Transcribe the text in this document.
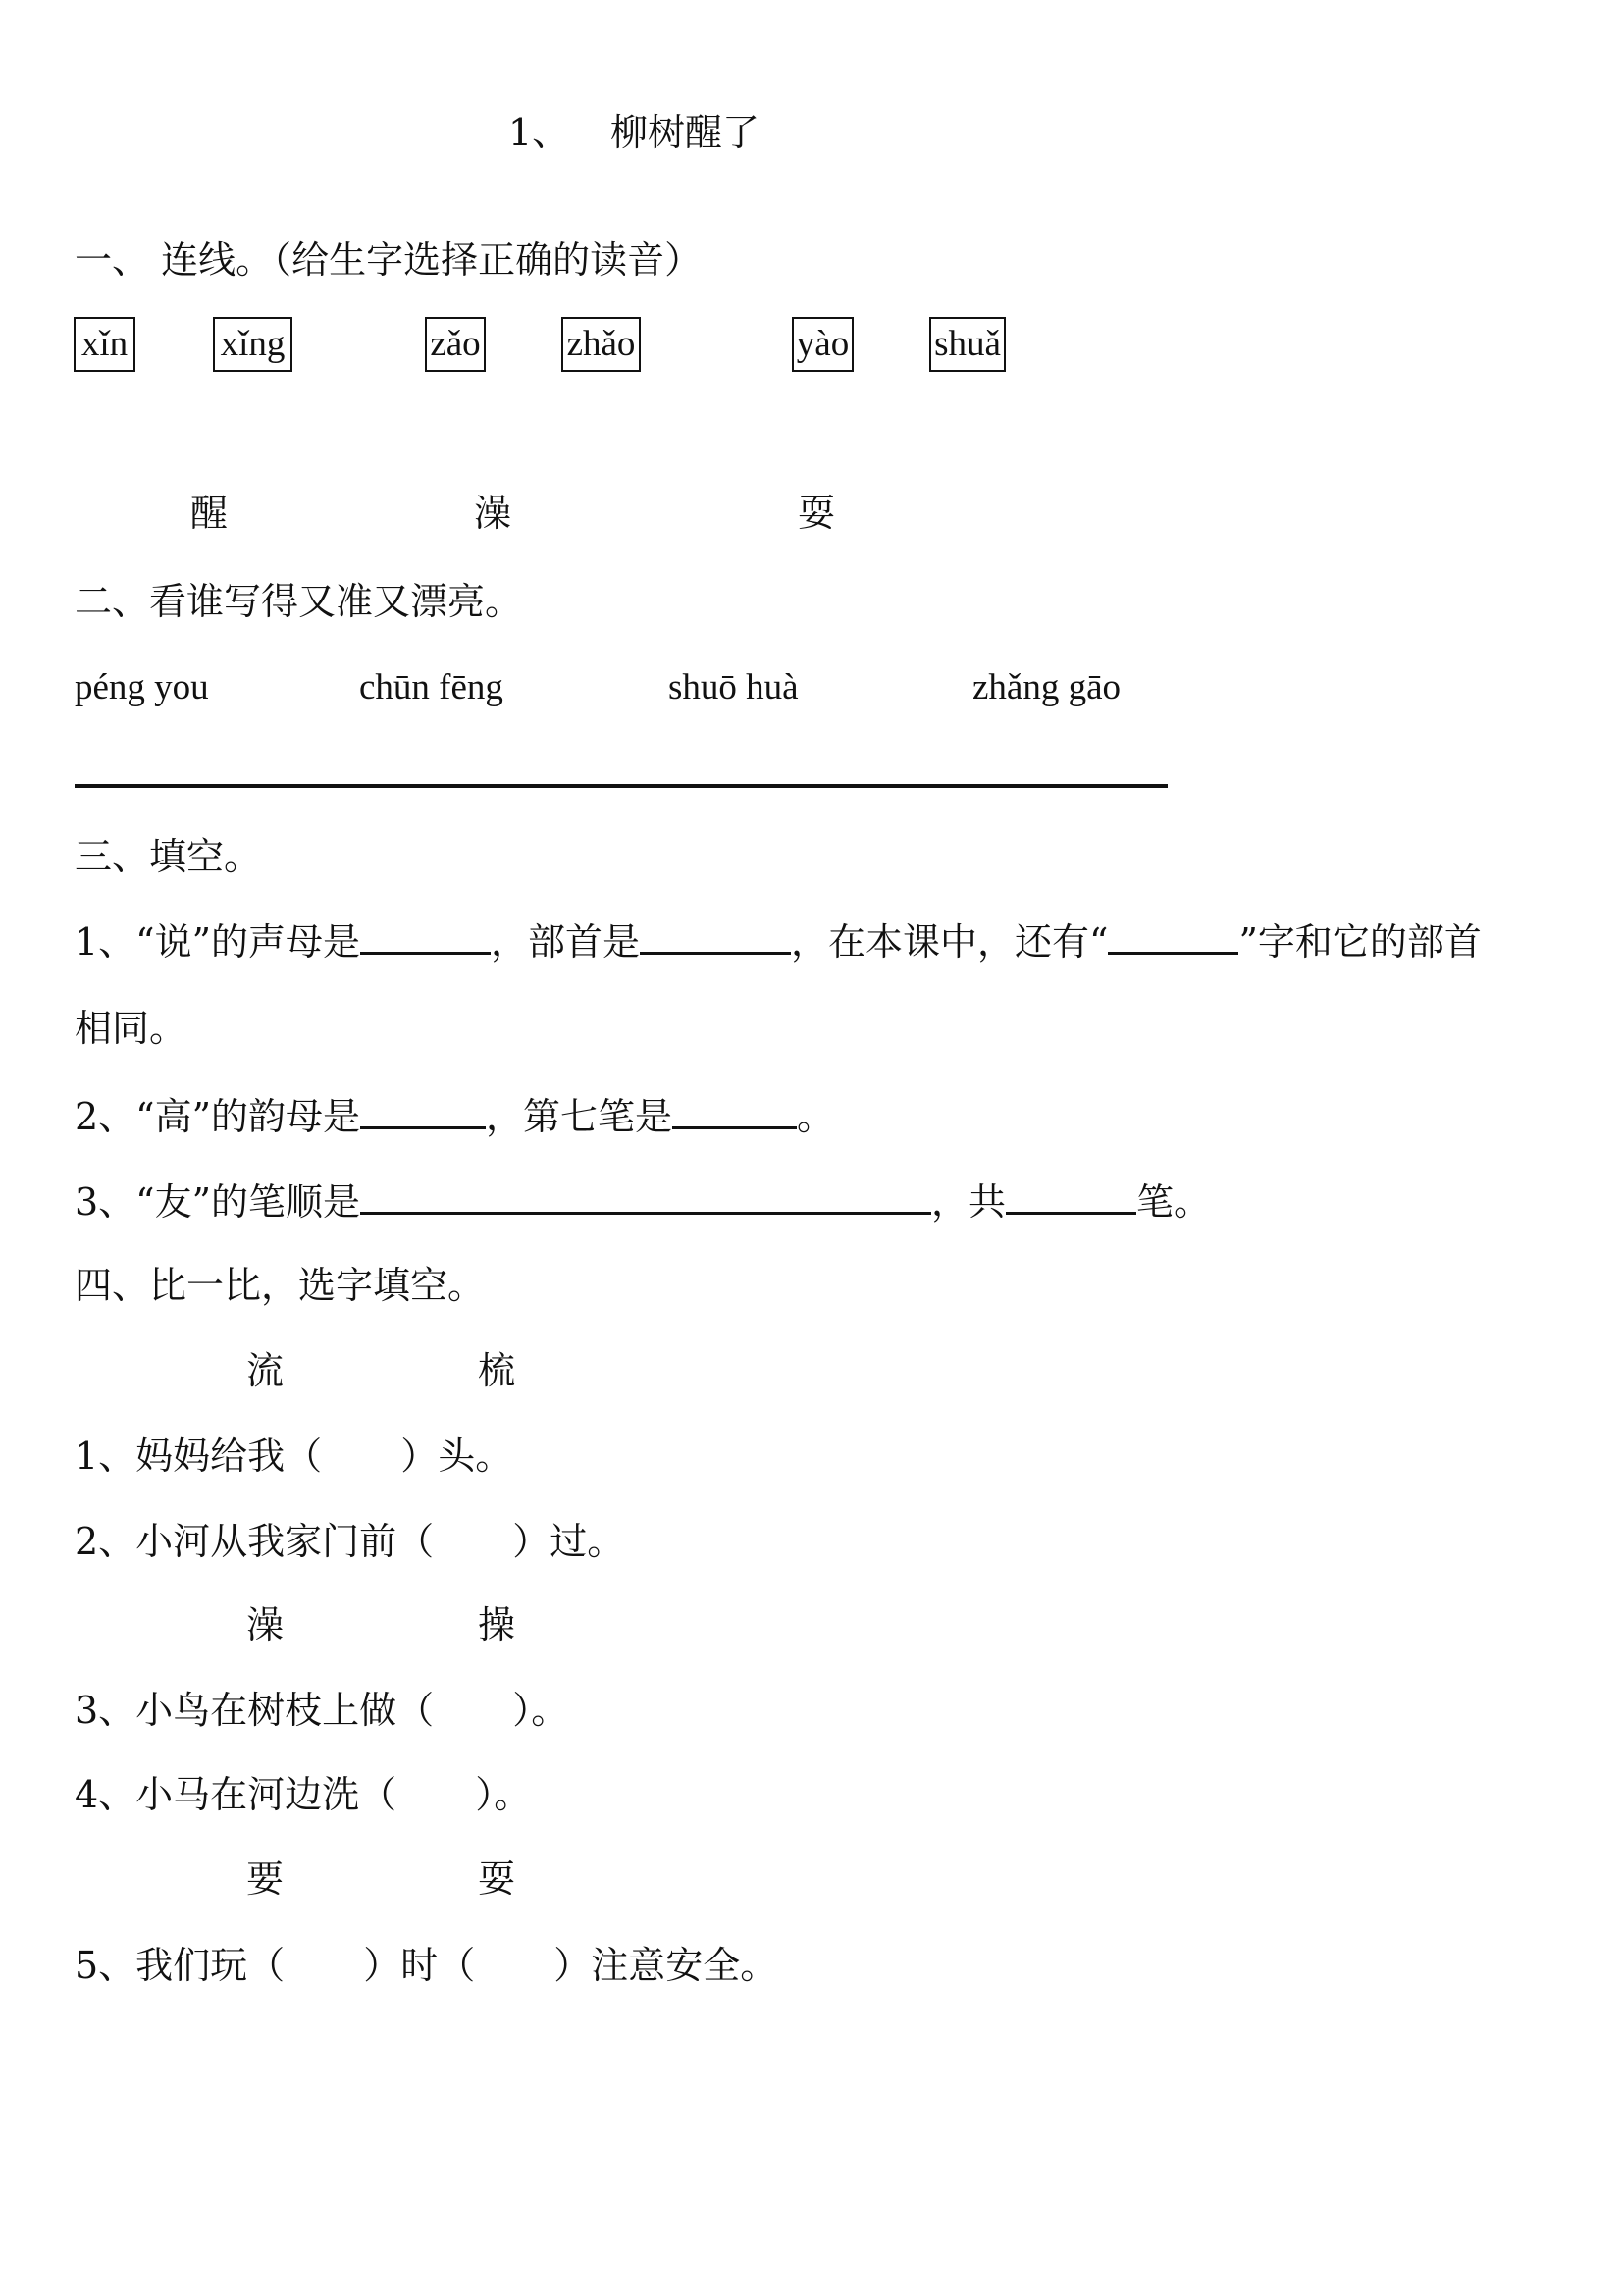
1、 柳树醒了
一、 连线。（给生字选择正确的读音）
xǐn	xǐng	zǎo zhǎo	yào shuǎ
醒	澡	耍
二、看谁写得又准又漂亮。
péng you	chūn fēng	shuō huà	zhǎng gāo
三、填空。
1、“说”的声母是	，部首是	，在本课中，还有“	”字和它的部首
相同。
2、“高”的韵母是	，第七笔是	。
3、“友”的笔顺是	，共	笔。
四、比一比，选字填空。
流	梳
1、妈妈给我（ ）头。
2、小河从我家门前（ ）过。
澡	操
3、小鸟在树枝上做（ ）。
4、小马在河边洗（ ）。
要	耍
5、我们玩（ ）时（ ）注意安全。
